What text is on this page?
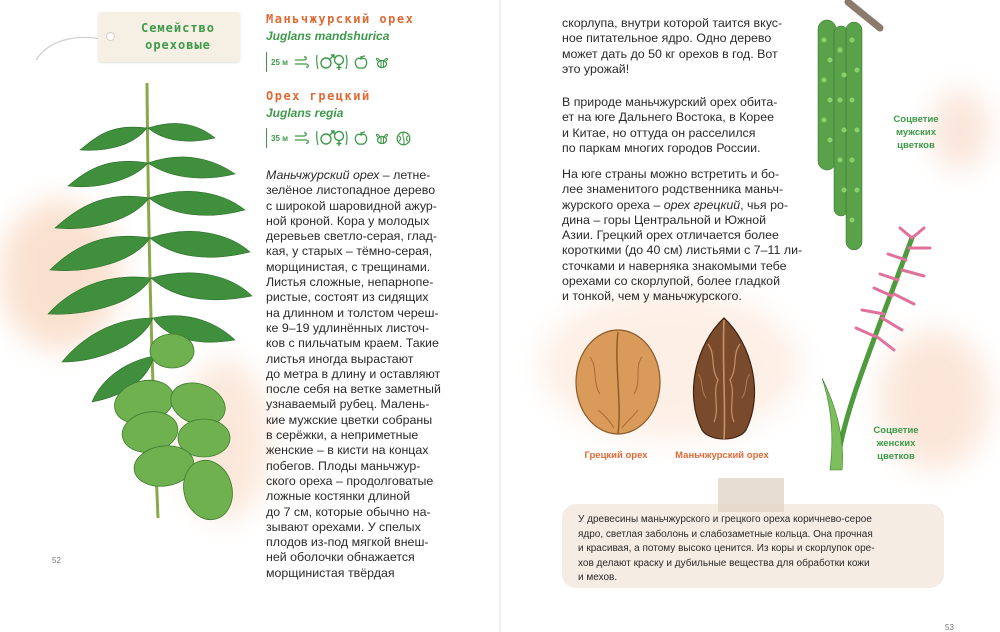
Семейство
ореховые
Маньчжурский орех
Juglans mandshurica
25 м
Орех грецкий
Juglans regia
35 м
Маньчжурский орех – летне-
зелёное листопадное дерево
с широкой шаровидной ажур-
ной кроной. Кора у молодых
деревьев светло-серая, глад-
кая, у старых – тёмно-серая,
морщинистая, с трещинами.
Листья сложные, непарнопе-
ристые, состоят из сидящих
на длинном и толстом череш-
ке 9–19 удлинённых листоч-
ков с пильчатым краем. Такие
листья иногда вырастают
до метра в длину и оставляют
после себя на ветке заметный
узнаваемый рубец. Малень-
кие мужские цветки собраны
в серёжки, а неприметные
женские – в кисти на концах
побегов. Плоды маньчжур-
ского ореха – продолговатые
ложные костянки длиной
до 7 см, которые обычно на-
зывают орехами. У спелых
плодов из-под мягкой внеш-
ней оболочки обнажается
морщинистая твёрдая
52
скорлупа, внутри которой таится вкус-
ное питательное ядро. Одно дерево
может дать до 50 кг орехов в год. Вот
это урожай!
В природе маньчжурский орех обита-
ет на юге Дальнего Востока, в Корее
и Китае, но оттуда он расселился
по паркам многих городов России.
На юге страны можно встретить и бо-
лее знаменитого родственника маньч-
журского ореха – орех грецкий, чья ро-
дина – горы Центральной и Южной
Азии. Грецкий орех отличается более
короткими (до 40 см) листьями с 7–11 ли-
сточками и наверняка знакомыми тебе
орехами со скорлупой, более гладкой
и тонкой, чем у маньчжурского.
Соцветие
мужских
цветков
Соцветие
женских
цветков
Грецкий орех	Маньчжурский орех
У древесины маньчжурского и грецкого ореха коричнево-серое
ядро, светлая заболонь и слабозаметные кольца. Она прочная
и красивая, а потому высоко ценится. Из коры и скорлупок оре-
хов делают краску и дубильные вещества для обработки кожи
и мехов.
53
